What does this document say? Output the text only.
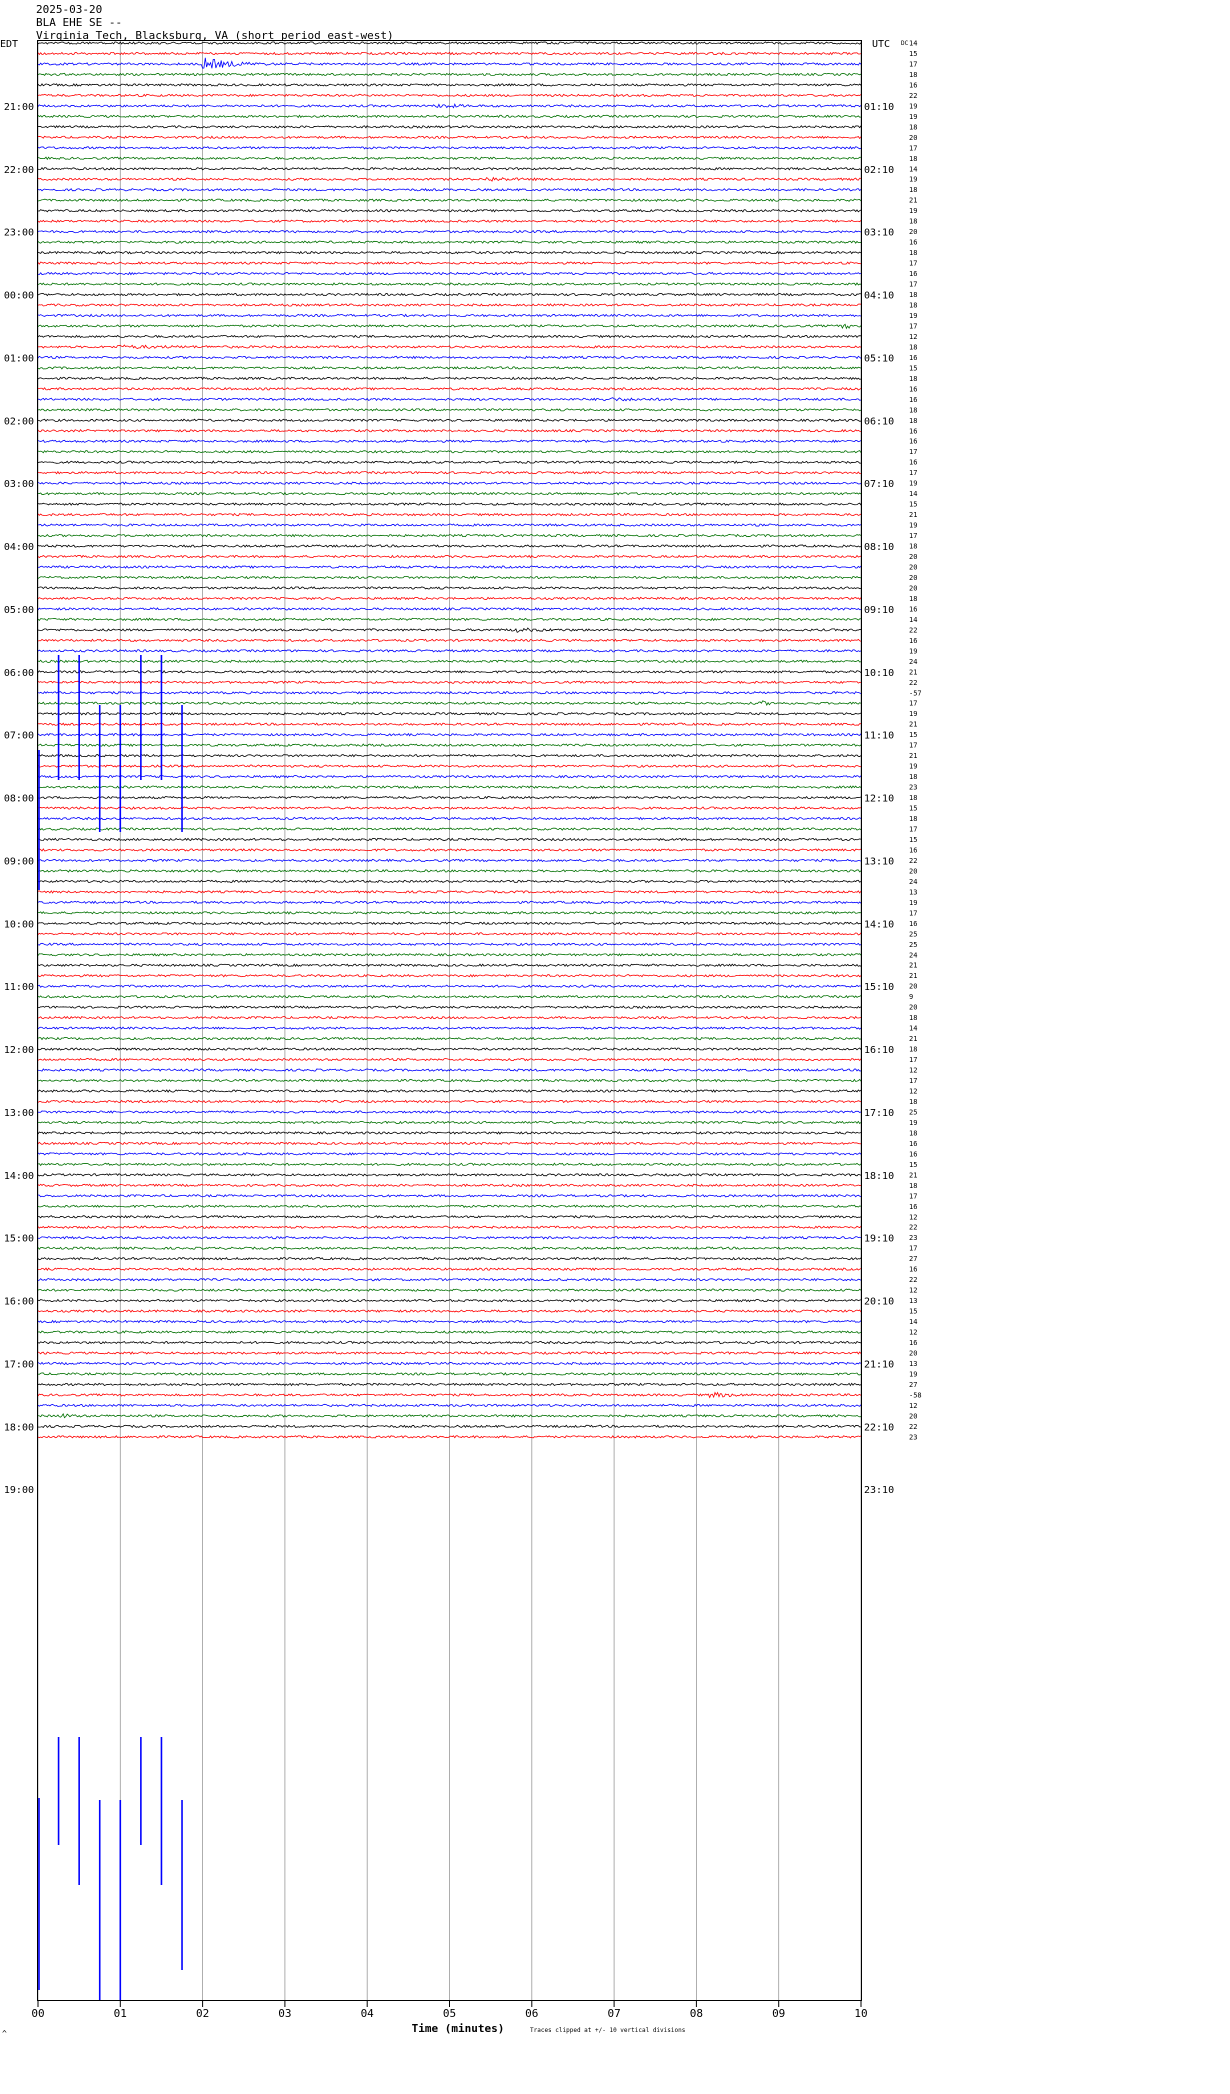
2025-03-20
BLA EHE SE --
Virginia Tech, Blacksburg, VA (short period east-west)
21:00
22:00
23:00
00:00
01:00
02:00
03:00
04:00
05:00
06:00
07:00
08:00
09:00
10:00
11:00
12:00
13:00
14:00
15:00
16:00
17:00
18:00
19:00
01:10
02:10
03:10
04:10
05:10
06:10
07:10
08:10
09:10
10:10
11:10
12:10
13:10
14:10
15:10
16:10
17:10
18:10
19:10
20:10
21:10
22:10
23:10
EDT	UTC DC 14
15
17
18
16
22
19
19
18
20
17
18
14
19
18
21
19
18
20
16
18
17
16
17
18
18
19
17
12
18
16
15
18
16
16
18
18
16
16
17
16
17
19
14
15
21
19
17
18
20
20
20
20
18
16
14
22
16
19
24
21
22
-57
17
19
21
15
17
21
19
18
23
18
15
18
17
15
16
22
20
24
13
19
17
16
25
25
24
21
21
20
9
20
18
14
21
18
17
12
17
12
18
25
19
18
16
16
15
21
18
17
16
12
22
23
17
27
16
22
12
13
15
14
12
16
20
13
19
27
-58
12
20
22
23
00	01	02	03	04	05	06	07	08	09	10
Time (minutes)	Traces clipped at +/- 10 vertical divisions
^
